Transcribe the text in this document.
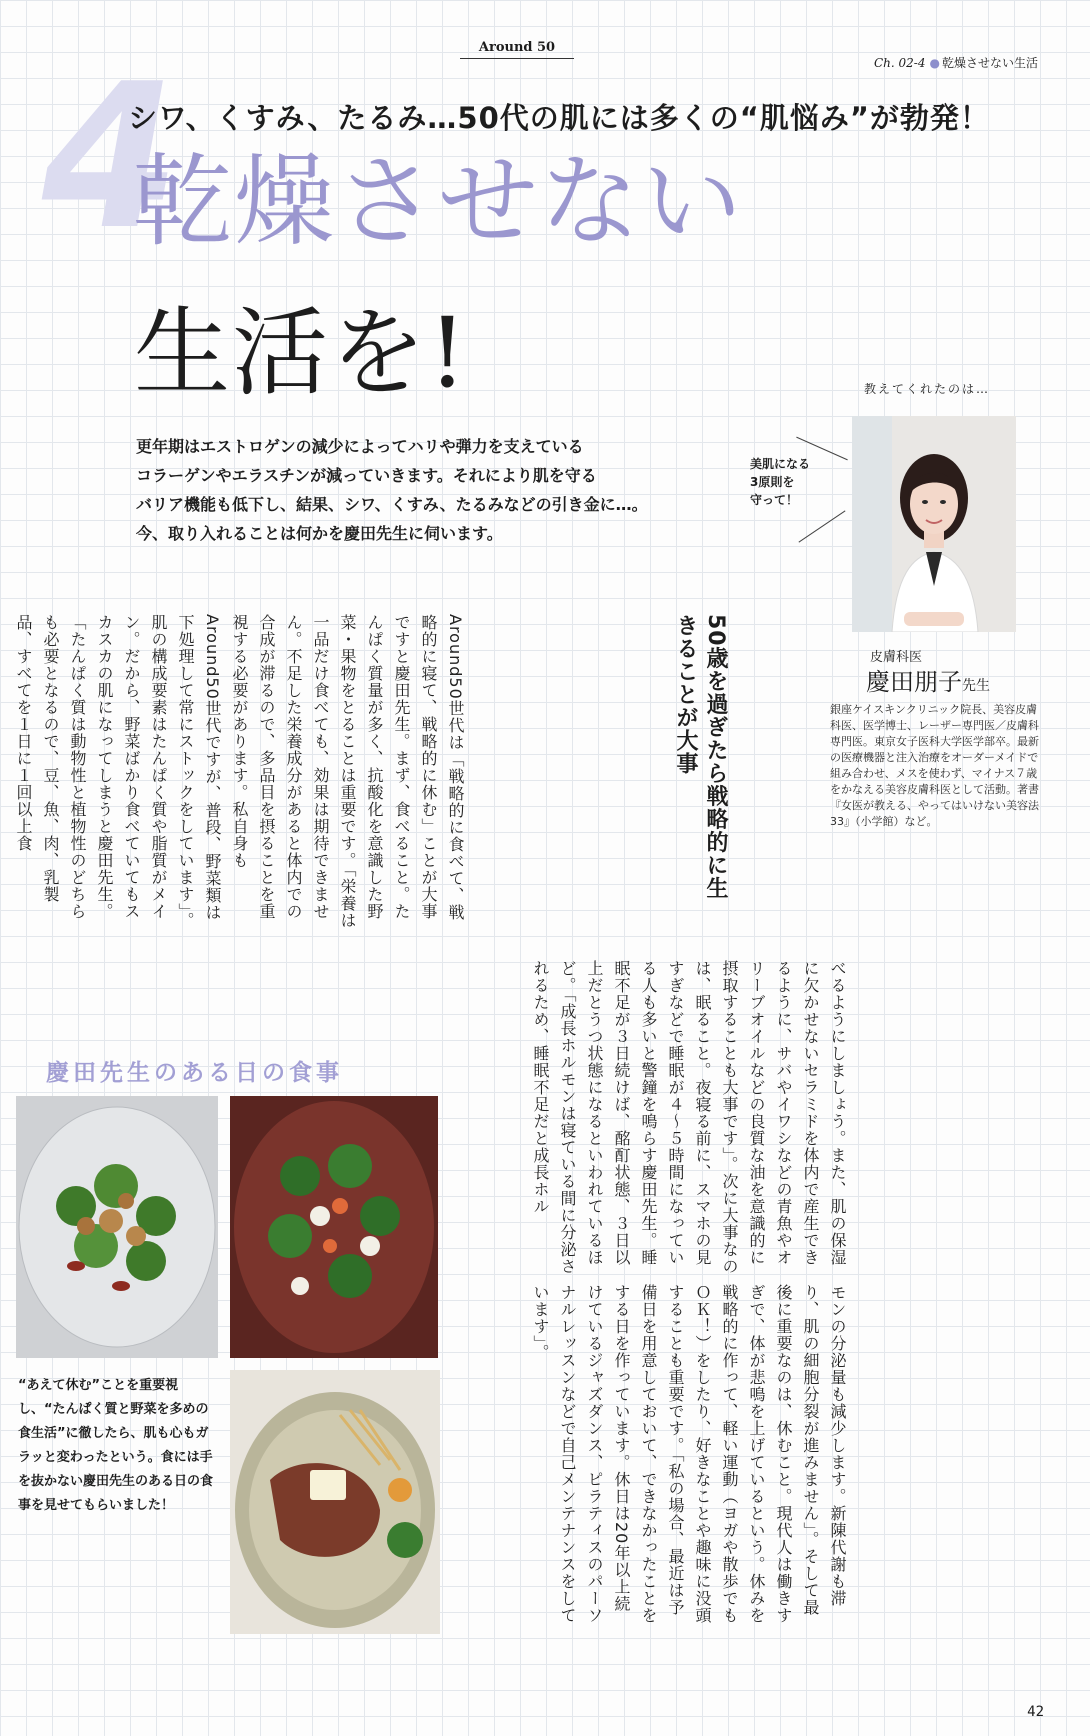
Around 50
Ch. 02-4 ● 乾燥させない生活
4
シワ、くすみ、たるみ…50代の肌には多くの“肌悩み”が勃発！
乾燥させない
生活を!

更年期はエストロゲンの減少によってハリや弾力を支えている

コラーゲンやエラスチンが減っていきます。それにより肌を守る

バリア機能も低下し、結果、シワ、くすみ、たるみなどの引き金に…。

今、取り入れることは何かを慶田先生に伺います。

教えてくれたのは…

美肌になる

3原則を

守って！

皮膚科医
慶田朋子先生
銀座ケイスキンクリニック院長、美容皮膚科医、医学博士、レーザー専門医／皮膚科専門医。東京女子医科大学医学部卒。最新の医療機器と注入治療をオーダーメイドで組み合わせ、メスを使わず、マイナス７歳をかなえる美容皮膚科医として活動。著書『女医が教える、やってはいけない美容法33』（小学館）など。
50歳を過ぎたら戦略的に生きることが大事
Around50世代は「戦略的に食べて、戦略的に寝て、戦略的に休む」ことが大事ですと慶田先生。まず、食べること。たんぱく質量が多く、抗酸化を意識した野菜・果物をとることは重要です。「栄養は一品だけ食べても、効果は期待できません。不足した栄養成分があると体内での合成が滞るので、多品目を摂ることを重視する必要があります。私自身もAround50世代ですが、普段、野菜類は下処理して常にストックをしています」。肌の構成要素はたんぱく質や脂質がメイン。だから、野菜ばかり食べていてもスカスカの肌になってしまうと慶田先生。「たんぱく質は動物性と植物性のどちらも必要となるので、豆、魚、肉、乳製品、すべてを１日に１回以上食
べるようにしましょう。また、肌の保湿に欠かせないセラミドを体内で産生できるように、サバやイワシなどの青魚やオリーブオイルなどの良質な油を意識的に摂取することも大事です」。次に大事なのは、眠ること。夜寝る前に、スマホの見すぎなどで睡眠が４〜５時間になっている人も多いと警鐘を鳴らす慶田先生。睡眠不足が３日続けば、酩酊状態、３日以上だとうつ状態になるといわれているほど。「成長ホルモンは寝ている間に分泌されるため、睡眠不足だと成長ホル
モンの分泌量も減少します。新陳代謝も滞り、肌の細胞分裂が進みません」。そして最後に重要なのは、休むこと。現代人は働きすぎで、体が悲鳴を上げているという。休みを戦略的に作って、軽い運動（ヨガや散歩でもＯＫ！）をしたり、好きなことや趣味に没頭することも重要です。「私の場合、最近は予備日を用意しておいて、できなかったことをする日を作っています。休日は20年以上続けているジャズダンス、ピラティスのパーソナルレッスンなどで自己メンテナンスをしています」。
慶田先生のある日の食事
“あえて休む”ことを重要視し、“たんぱく質と野菜を多めの食生活”に徹したら、肌も心もガラッと変わったという。食には手を抜かない慶田先生のある日の食事を見せてもらいました！
42
